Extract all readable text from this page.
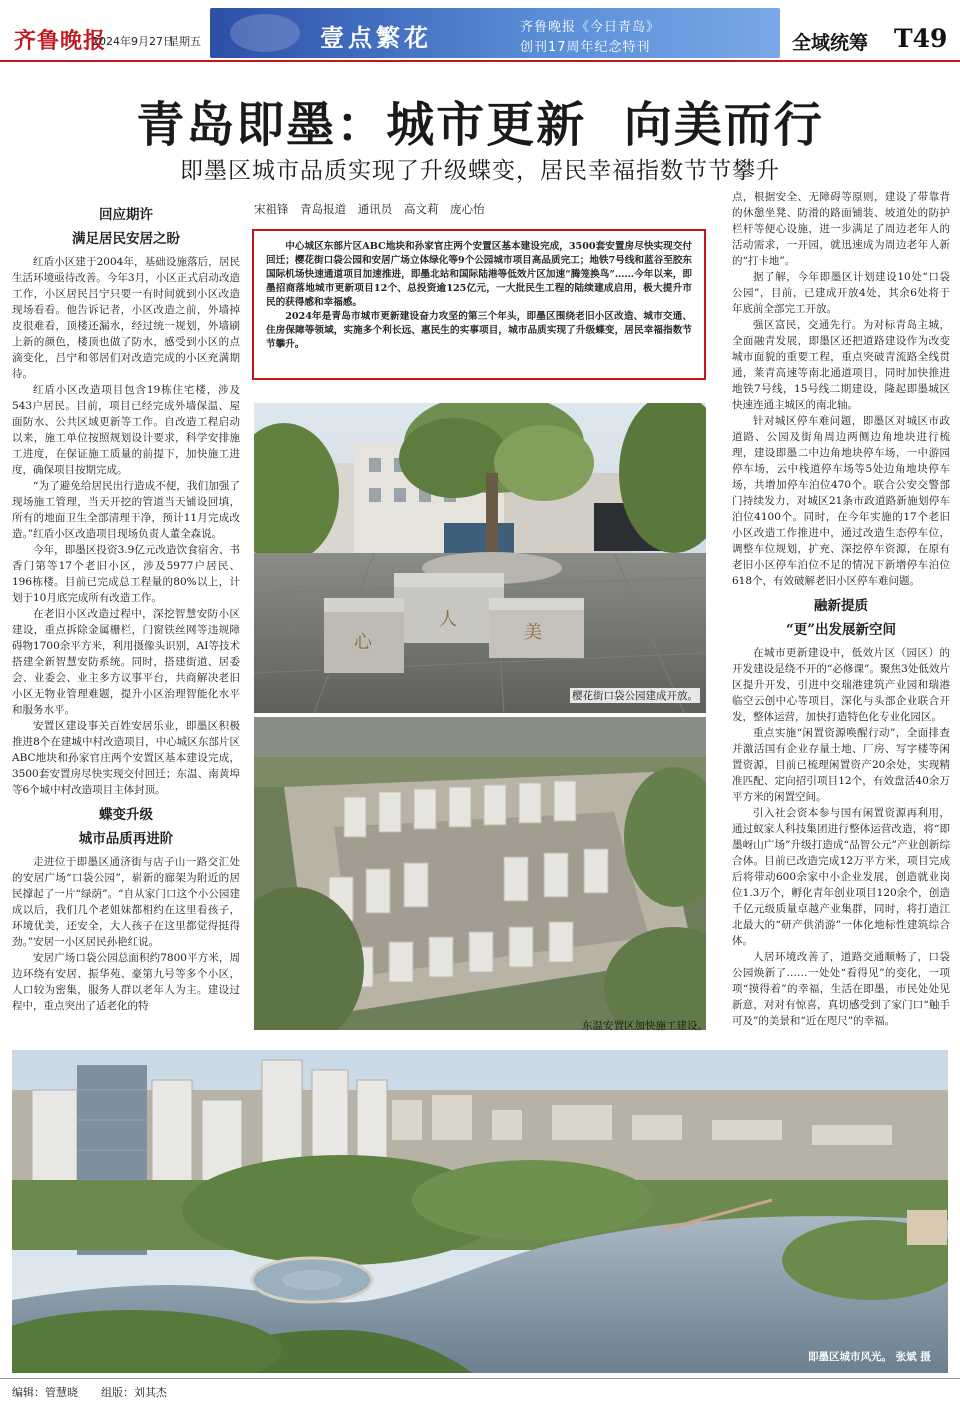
齐鲁晚报
2024年9月27日
星期五	壹点繁花	齐鲁晚报《今日青岛》
创刊17周年纪念特刊	全域统筹 T49
青岛即墨：城市更新  向美而行
即墨区城市品质实现了升级蝶变，居民幸福指数节节攀升
回应期许
满足居民安居之盼

红盾小区建于2004年，基础设施落后，居民生活环境亟待改善。今年3月，小区正式启动改造工作，小区居民吕宁只要一有时间就到小区改造现场看看。他告诉记者，小区改造之前，外墙掉皮很难看，顶楼还漏水，经过统一规划，外墙刷上新的颜色，楼顶也做了防水，感受到小区的点滴变化，吕宁和邻居们对改造完成的小区充满期待。

红盾小区改造项目包含19栋住宅楼，涉及543户居民。目前，项目已经完成外墙保温、屋面防水、公共区域更新等工作。自改造工程启动以来，施工单位按照规划设计要求，科学安排施工进度，在保证施工质量的前提下，加快施工进度，确保项目按期完成。

“为了避免给居民出行造成不便，我们加强了现场施工管理，当天开挖的管道当天铺设回填，所有的地面卫生全部清理干净，预计11月完成改造。”红盾小区改造项目现场负责人董全森说。

今年，即墨区投资3.9亿元改造饮食宿舍、书香门第等17个老旧小区，涉及5977户居民、196栋楼。目前已完成总工程量的80%以上，计划于10月底完成所有改造工作。

在老旧小区改造过程中，深挖智慧安防小区建设，重点拆除金属栅栏，门窗铁丝网等违规障碍物1700余平方米，利用摄像头识别，AI等技术搭建全新智慧安防系统。同时，搭建街道、居委会、业委会、业主多方议事平台，共商解决老旧小区无物业管理难题，提升小区治理智能化水平和服务水平。

安置区建设事关百姓安居乐业，即墨区积极推进8个在建城中村改造项目，中心城区东部片区ABC地块和孙家官庄两个安置区基本建设完成，3500套安置房尽快实现交付回迁；东温、南黄埠等6个城中村改造项目主体封顶。

蝶变升级
城市品质再进阶

走进位于即墨区通济街与店子山一路交汇处的安居广场“口袋公园”，崭新的廊架为附近的居民撑起了一片“绿荫”。“自从家门口这个小公园建成以后，我们几个老姐妹都相约在这里看孩子，环境优美，还安全，大人孩子在这里都觉得挺得劲。”安居一小区居民孙艳红说。

安居广场口袋公园总面积约7800平方米，周边环绕有安居、振华苑、豪第九号等多个小区，人口较为密集，服务人群以老年人为主。建设过程中，重点突出了适老化的特

宋祖锋 青岛报道 通讯员 高文莉 庞心怡

中心城区东部片区ABC地块和孙家官庄两个安置区基本建设完成，3500套安置房尽快实现交付回迁；樱花街口袋公园和安居广场立体绿化等9个公园城市项目高品质完工；地铁7号线和蓝谷至胶东国际机场快速通道项目加速推进，即墨北站和国际陆港等低效片区加速“腾笼换鸟”……今年以来，即墨招商落地城市更新项目12个、总投资逾125亿元，一大批民生工程的陆续建成启用，极大提升市民的获得感和幸福感。

2024年是青岛市城市更新建设奋力攻坚的第三个年头，即墨区围绕老旧小区改造、城市交通、住房保障等领域，实施多个利长远、惠民生的实事项目，城市品质实现了升级蝶变，居民幸福指数节节攀升。

人
美
心
樱花街口袋公园建成开放。
东温安置区加快施工建设。

点，根据安全、无障碍等原则，建设了带靠背的休憩坐凳、防滑的路面铺装、坡道处的防护栏杆等便心设施，进一步满足了周边老年人的活动需求，一开园，就迅速成为周边老年人新的“打卡地”。

据了解，今年即墨区计划建设10处“口袋公园”，目前，已建成开放4处，其余6处将于年底前全部完工开放。

强区富民，交通先行。为对标青岛主城，全面融青发展，即墨区还把道路建设作为改变城市面貌的重要工程，重点突破青流路全线贯通，莱青高速等南北通道项目，同时加快推进地铁7号线，15号线二期建设，隆起即墨城区快速连通主城区的南北轴。

针对城区停车难问题，即墨区对城区市政道路、公园及街角周边两侧边角地块进行梳理，建设即墨二中边角地块停车场，一中游园停车场，云中栈道停车场等5处边角地块停车场，共增加停车泊位470个。联合公安交警部门持续发力，对城区21条市政道路新施划停车泊位4100个。同时，在今年实施的17个老旧小区改造工作推进中，通过改造生态停车位，调整车位规划，扩充、深挖停车资源，在原有老旧小区停车泊位不足的情况下新增停车泊位618个，有效破解老旧小区停车难问题。

融新提质
“更”出发展新空间

在城市更新建设中，低效片区（园区）的开发建设是绕不开的“必修课”。聚焦3处低效片区提升开发，引进中交瑞港建筑产业园和瑞港临空云创中心等项目，深化与头部企业联合开发，整体运营，加快打造特色化专业化园区。

重点实施“闲置资源唤醒行动”，全面排查并激活国有企业存量土地、厂房、写字楼等闲置资源，目前已梳理闲置资产20余处，实现精准匹配、定向招引项目12个，有效盘活40余万平方米的闲置空间。

引入社会资本参与国有闲置资源再利用，通过蚁家人科技集团进行整体运营改造，将“即墨岈山广场”升级打造成“品智公元”产业创新综合体。目前已改造完成12万平方米，项目完成后将带动600余家中小企业发展，创造就业岗位1.3万个，孵化青年创业项目120余个，创造千亿元级质量卓越产业集群，同时，将打造江北最大的“研产供消游”一体化地标性建筑综合体。

人居环境改善了，道路交通顺畅了，口袋公园焕新了……一处处“看得见”的变化，一项项“摸得着”的幸福，生活在即墨，市民处处见新意，对对有惊喜，真切感受到了家门口“触手可及”的美景和“近在咫尺”的幸福。

即墨区城市风光。 张斌 摄
编辑：管慧晓  组版：刘其杰
